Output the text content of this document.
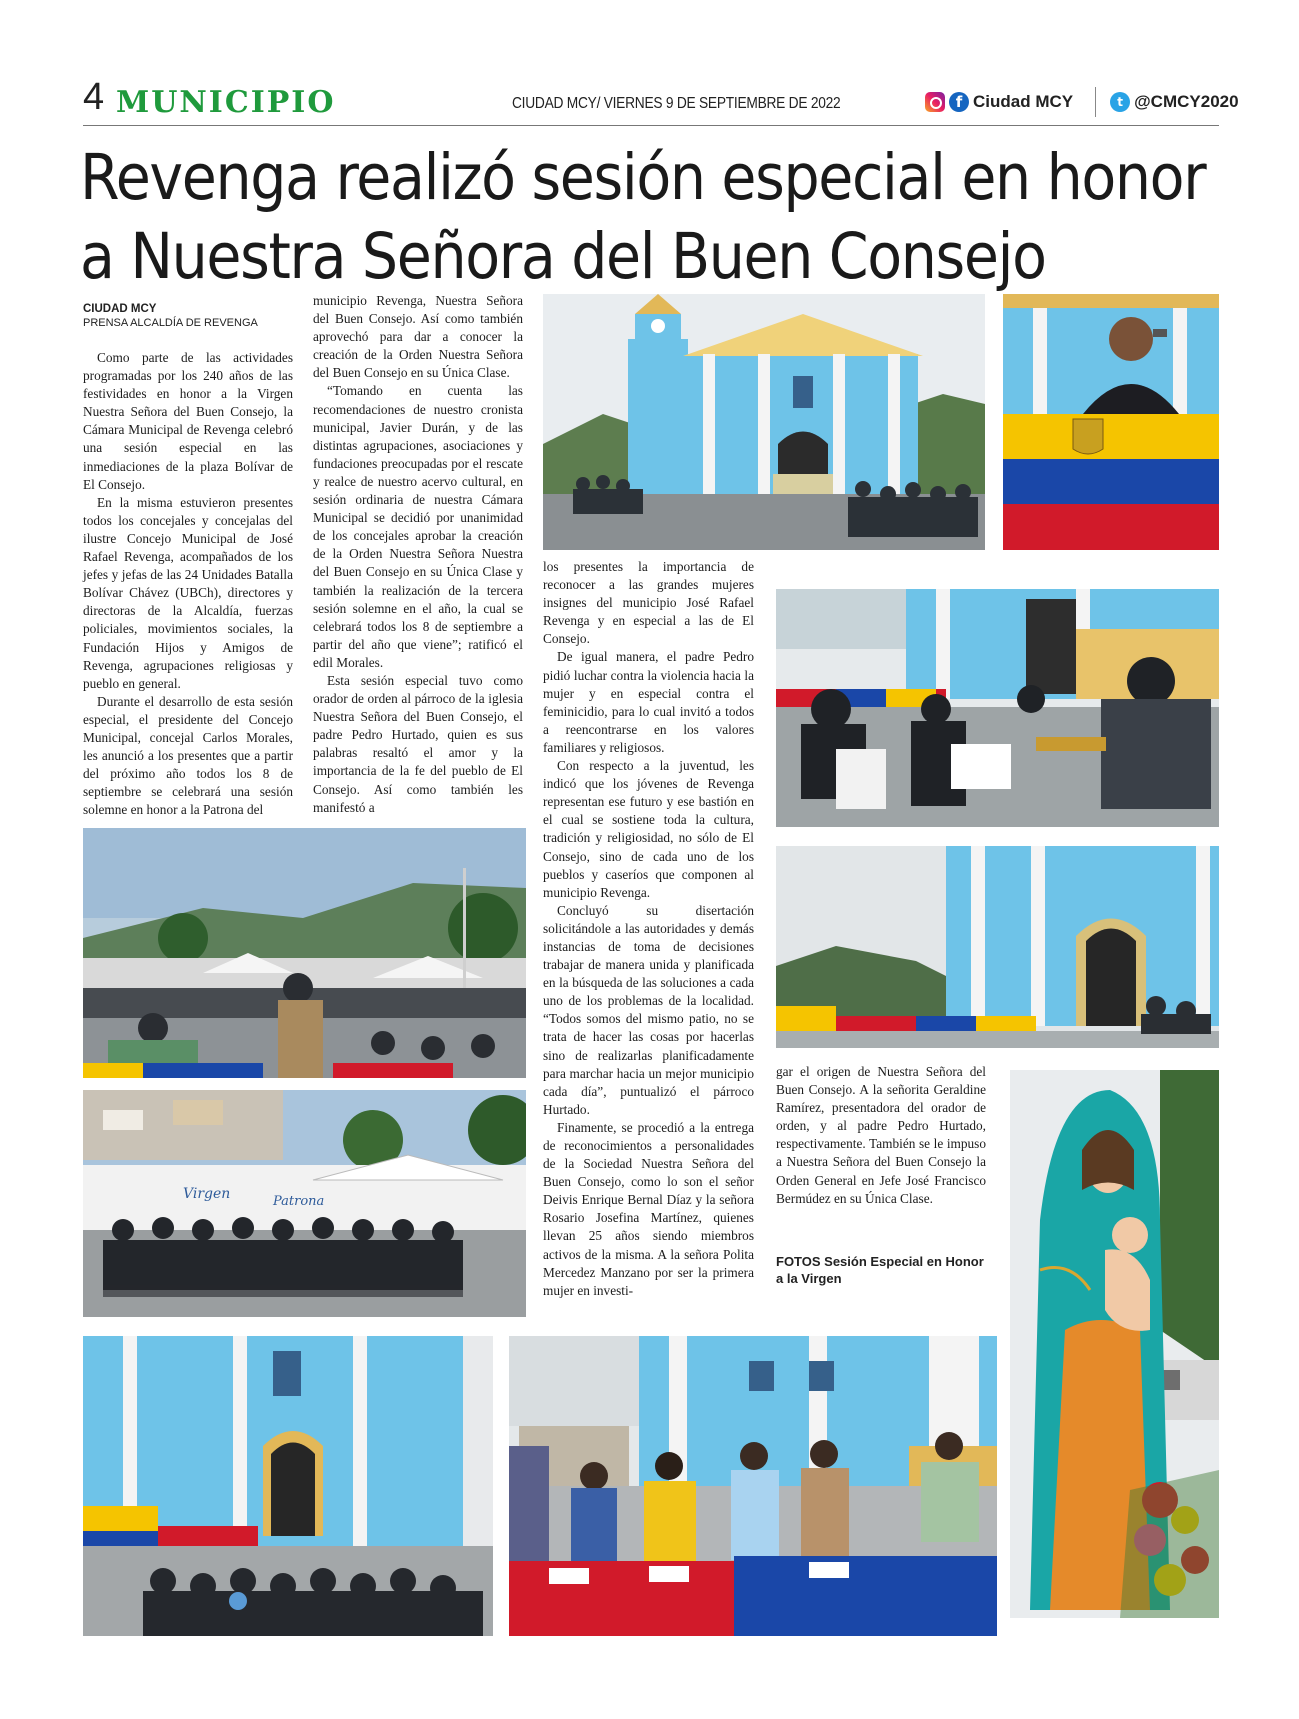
4 MUNICIPIO	CIUDAD MCY/ VIERNES 9 DE SEPTIEMBRE DE 2022	f Ciudad MCY	t @CMCY2020
Revenga realizó sesión especial en honor
a Nuestra Señora del Buen Consejo
CIUDAD MCY
PRENSA ALCALDÍA DE REVENGA

Como parte de las actividades programadas por los 240 años de las festividades en honor a la Virgen Nuestra Señora del Buen Consejo, la Cámara Municipal de Revenga celebró una sesión especial en las inmediaciones de la plaza Bolívar de El Consejo.

En la misma estuvieron presentes todos los concejales y concejalas del ilustre Concejo Municipal de José Rafael Revenga, acompañados de los jefes y jefas de las 24 Unidades Batalla Bolívar Chávez (UBCh), directores y directoras de la Alcaldía, fuerzas policiales, movimientos sociales, la Fundación Hijos y Amigos de Revenga, agrupaciones religiosas y pueblo en general.

Durante el desarrollo de esta sesión especial, el presidente del Concejo Municipal, concejal Carlos Morales, les anunció a los presentes que a partir del próximo año todos los 8 de septiembre se celebrará una sesión solemne en honor a la Patrona del

municipio Revenga, Nuestra Señora del Buen Consejo. Así como también aprovechó para dar a conocer la creación de la Orden Nuestra Señora del Buen Consejo en su Única Clase.

“Tomando en cuenta las recomendaciones de nuestro cronista municipal, Javier Durán, y de las distintas agrupaciones, asociaciones y fundaciones preocupadas por el rescate y realce de nuestro acervo cultural, en sesión ordinaria de nuestra Cámara Municipal se decidió por unanimidad de los concejales aprobar la creación de la Orden Nuestra Señora Nuestra del Buen Consejo en su Única Clase y también la realización de la tercera sesión solemne en el año, la cual se celebrará todos los 8 de septiembre a partir del año que viene”; ratificó el edil Morales.

Esta sesión especial tuvo como orador de orden al párroco de la iglesia Nuestra Señora del Buen Consejo, el padre Pedro Hurtado, quien es sus palabras resaltó el amor y la importancia de la fe del pueblo de El Consejo. Así como también les manifestó a

los presentes la importancia de reconocer a las grandes mujeres insignes del municipio José Rafael Revenga y en especial a las de El Consejo.

De igual manera, el padre Pedro pidió luchar contra la violencia hacia la mujer y en especial contra el feminicidio, para lo cual invitó a todos a reencontrarse en los valores familiares y religiosos.

Con respecto a la juventud, les indicó que los jóvenes de Revenga representan ese futuro y ese bastión en el cual se sostiene toda la cultura, tradición y religiosidad, no sólo de El Consejo, sino de cada uno de los pueblos y caseríos que componen al municipio Revenga.

Concluyó su disertación solicitándole a las autoridades y demás instancias de toma de decisiones trabajar de manera unida y planificada en la búsqueda de las soluciones a cada uno de los problemas de la localidad. “Todos somos del mismo patio, no se trata de hacer las cosas por hacerlas sino de realizarlas planificadamente para marchar hacia un mejor municipio cada día”, puntualizó el párroco Hurtado.

Finamente, se procedió a la entrega de reconocimientos a personalidades de la Sociedad Nuestra Señora del Buen Consejo, como lo son el señor Deivis Enrique Bernal Díaz y la señora Rosario Josefina Martínez, quienes llevan 25 años siendo miembros activos de la misma. A la señora Polita Mercedez Manzano por ser la primera mujer en investi-

gar el origen de Nuestra Señora del Buen Consejo. A la señorita Geraldine Ramírez, presentadora del orador de orden, y al padre Pedro Hurtado, respectivamente. También se le impuso a Nuestra Señora del Buen Consejo la Orden General en Jefe José Francisco Bermúdez en su Única Clase.

FOTOS Sesión Especial en Honor a la Virgen
Virgen	Patrona
